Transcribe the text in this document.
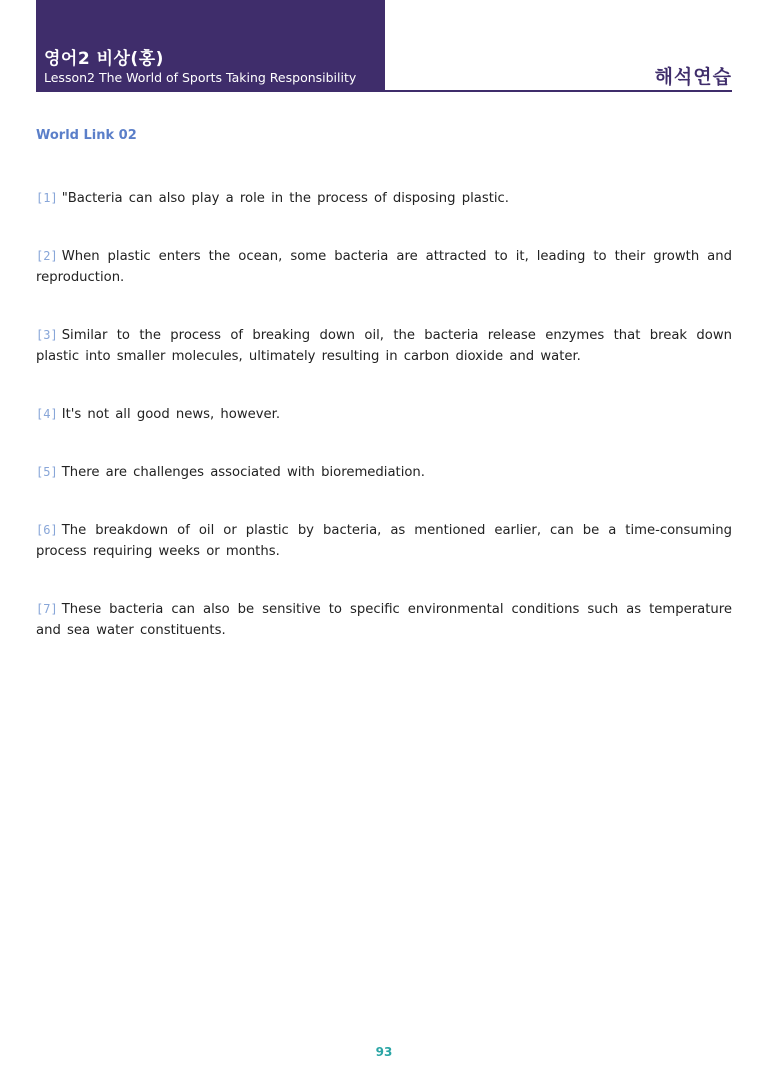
영어2 비상(홍)
Lesson2 The World of Sports Taking Responsibility	해석연습
World Link 02

[1] "Bacteria can also play a role in the process of disposing plastic.

[2] When plastic enters the ocean, some bacteria are attracted to it, leading to their growth and reproduction.

[3] Similar to the process of breaking down oil, the bacteria release enzymes that break down plastic into smaller molecules, ultimately resulting in carbon dioxide and water.

[4] It's not all good news, however.

[5] There are challenges associated with bioremediation.

[6] The breakdown of oil or plastic by bacteria, as mentioned earlier, can be a time-consuming process requiring weeks or months.

[7] These bacteria can also be sensitive to specific environmental conditions such as temperature and sea water constituents.

93
